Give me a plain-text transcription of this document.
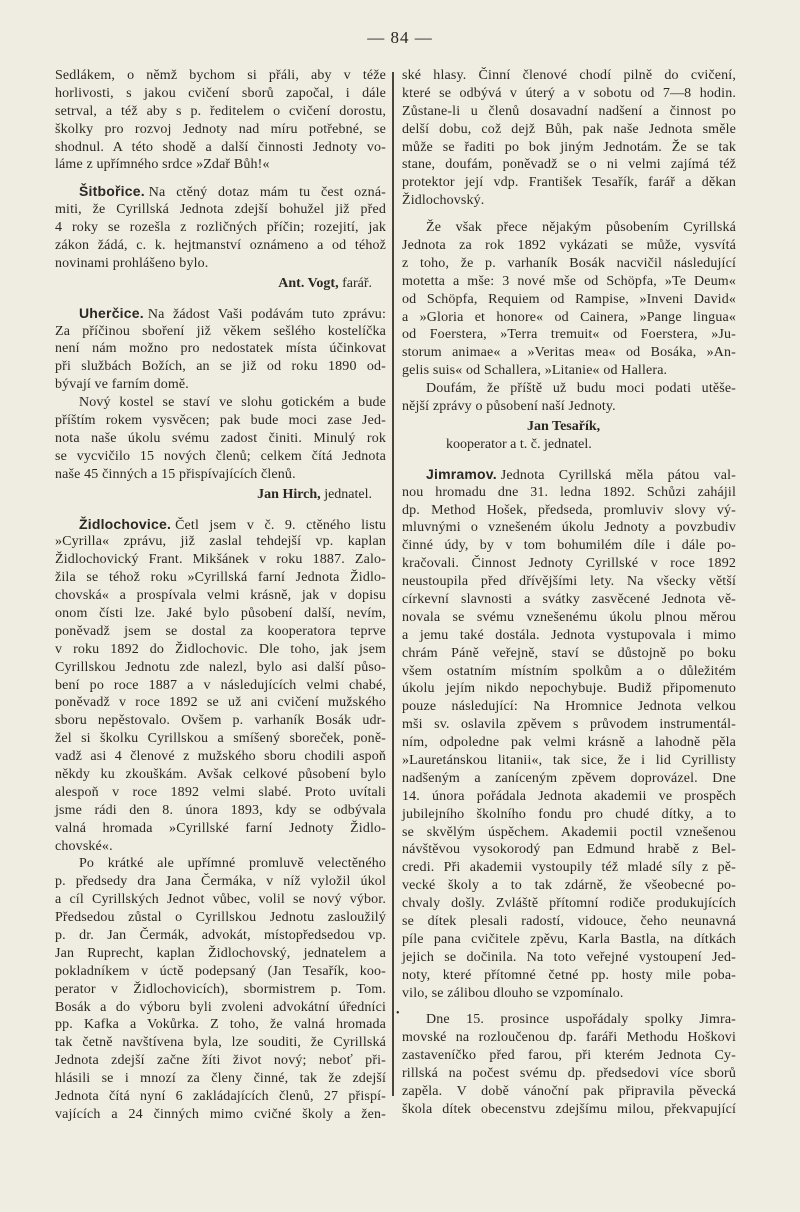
— 84 —
Sedlákem, o němž bychom si přáli, aby v téže
horlivosti, s jakou cvičení sborů započal, i dále
setrval, a též aby s p. ředitelem o cvičení dorostu,
školky pro rozvoj Jednoty nad míru potřebné, se
shodnul. A této shodě a další činnosti Jednoty vo-
láme z upřímného srdce »Zdař Bůh!«
Šitbořice. Na ctěný dotaz mám tu čest ozná-
miti, že Cyrillská Jednota zdejší bohužel již před
4 roky se rozešla z rozličných příčin; rozejití, jak
zákon žádá, c. k. hejtmanství oznámeno a od téhož
novinami prohlášeno bylo.
Ant. Vogt, farář.
Uherčice. Na žádost Vaši podávám tuto zprávu:
Za příčinou sboření již věkem sešlého kostelíčka
není nám možno pro nedostatek místa účinkovat
při službách Božích, an se již od roku 1890 od-
bývají ve farním domě.
Nový kostel se staví ve slohu gotickém a bude
příštím rokem vysvěcen; pak bude moci zase Jed-
nota naše úkolu svému zadost činiti. Minulý rok
se vycvičilo 15 nových členů; celkem čítá Jednota
naše 45 činných a 15 přispívajících členů.
Jan Hirch, jednatel.
Židlochovice. Četl jsem v č. 9. ctěného listu
»Cyrilla« zprávu, již zaslal tehdejší vp. kaplan
Židlochovický Frant. Mikšánek v roku 1887. Zalo-
žila se téhož roku »Cyrillská farní Jednota Židlo-
chovská« a prospívala velmi krásně, jak v dopisu
onom čísti lze. Jaké bylo působení další, nevím,
poněvadž jsem se dostal za kooperatora teprve
v roku 1892 do Židlochovic. Dle toho, jak jsem
Cyrillskou Jednotu zde nalezl, bylo asi další půso-
bení po roce 1887 a v následujících velmi chabé,
poněvadž v roce 1892 se už ani cvičení mužského
sboru nepěstovalo. Ovšem p. varhaník Bosák udr-
žel si školku Cyrillskou a smíšený sboreček, poně-
vadž asi 4 členové z mužského sboru chodili aspoň
někdy ku zkouškám. Avšak celkové působení bylo
alespoň v roce 1892 velmi slabé. Proto uvítali
jsme rádi den 8. února 1893, kdy se odbývala
valná hromada »Cyrillské farní Jednoty Židlo-
chovské«.
Po krátké ale upřímné promluvě velectěného
p. předsedy dra Jana Čermáka, v níž vyložil úkol
a cíl Cyrillských Jednot vůbec, volil se nový výbor.
Předsedou zůstal o Cyrillskou Jednotu zasloužilý
p. dr. Jan Čermák, advokát, místopředsedou vp.
Jan Ruprecht, kaplan Židlochovský, jednatelem a
pokladníkem v úctě podepsaný (Jan Tesařík, koo-
perator v Židlochovicích), sbormistrem p. Tom.
Bosák a do výboru byli zvoleni advokátní úředníci
pp. Kafka a Vokůrka. Z toho, že valná hromada
tak četně navštívena byla, lze souditi, že Cyrillská
Jednota zdejší začne žíti život nový; neboť při-
hlásili se i mnozí za členy činné, tak že zdejší
Jednota čítá nyní 6 zakládajících členů, 27 přispí-
vajících a 24 činných mimo cvičné školy a žen-
ské hlasy. Činní členové chodí pilně do cvičení,
které se odbývá v úterý a v sobotu od 7—8 hodin.
Zůstane-li u členů dosavadní nadšení a činnost po
delší dobu, což dejž Bůh, pak naše Jednota směle
může se řaditi po bok jiným Jednotám. Že se tak
stane, doufám, poněvadž se o ni velmi zajímá též
protektor její vdp. František Tesařík, farář a děkan
Židlochovský.
Že však přece nějakým působením Cyrillská
Jednota za rok 1892 vykázati se může, vysvítá
z toho, že p. varhaník Bosák nacvičil následující
motetta a mše: 3 nové mše od Schöpfa, »Te Deum«
od Schöpfa, Requiem od Rampise, »Inveni David«
a »Gloria et honore« od Cainera, »Pange lingua«
od Foerstera, »Terra tremuit« od Foerstera, »Ju-
storum animae« a »Veritas mea« od Bosáka, »An-
gelis suis« od Schallera, »Litanie« od Hallera.
Doufám, že příště už budu moci podati utěše-
nější zprávy o působení naší Jednoty.
Jan Tesařík,
kooperator a t. č. jednatel.
Jimramov. Jednota Cyrillská měla pátou val-
nou hromadu dne 31. ledna 1892. Schůzi zahájil
dp. Method Hošek, předseda, promluviv slovy vý-
mluvnými o vznešeném úkolu Jednoty a povzbudiv
činné údy, by v tom bohumilém díle i dále po-
kračovali. Činnost Jednoty Cyrillské v roce 1892
neustoupila před dřívějšími lety. Na všecky větší
církevní slavnosti a svátky zasvěcené Jednota vě-
novala se svému vznešenému úkolu plnou měrou
a jemu také dostála. Jednota vystupovala i mimo
chrám Páně veřejně, staví se důstojně po boku
všem ostatním místním spolkům a o důležitém
úkolu jejím nikdo nepochybuje. Budiž připomenuto
pouze následující: Na Hromnice Jednota velkou
mši sv. oslavila zpěvem s průvodem instrumentál-
ním, odpoledne pak velmi krásně a lahodně pěla
»Lauretánskou litanii«, tak sice, že i lid Cyrillisty
nadšeným a zaníceným zpěvem doprovázel. Dne
14. února pořádala Jednota akademii ve prospěch
jubilejního školního fondu pro chudé dítky, a to
se skvělým úspěchem. Akademii poctil vznešenou
návštěvou vysokorodý pan Edmund hrabě z Bel-
credi. Při akademii vystoupily též mladé síly z pě-
vecké školy a to tak zdárně, že všeobecné po-
chvaly došly. Zvláště přítomní rodiče produkujících
se dítek plesali radostí, vidouce, čeho neunavná
píle pana cvičitele zpěvu, Karla Bastla, na dítkách
jejich se dočinila. Na toto veřejné vystoupení Jed-
noty, které přítomné četné pp. hosty mile poba-
vilo, se zálibou dlouho se vzpomínalo.
Dne 15. prosince uspořádaly spolky Jimra-
movské na rozloučenou dp. faráři Methodu Hoškovi
zastaveníčko před farou, při kterém Jednota Cy-
rillská na počest svému dp. předsedovi více sborů
zapěla. V době vánoční pak připravila pěvecká
škola dítek obecenstvu zdejšímu milou, překvapující
•
